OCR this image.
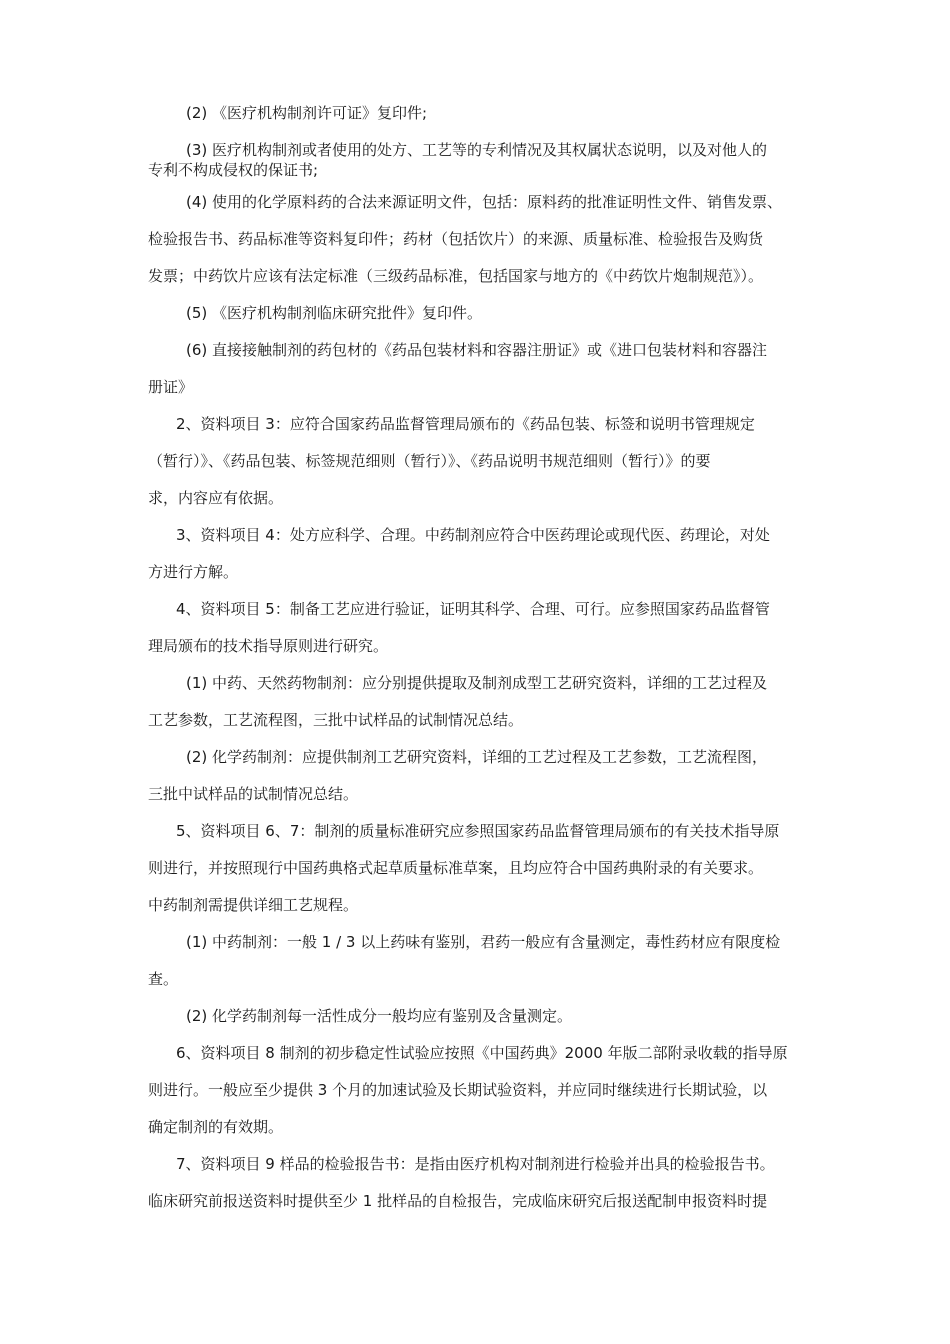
(2) 《医疗机构制剂许可证》复印件;
(3) 医疗机构制剂或者使用的处方、工艺等的专利情况及其权属状态说明，以及对他人的
专利不构成侵权的保证书;
(4) 使用的化学原料药的合法来源证明文件，包括：原料药的批准证明性文件、销售发票、
检验报告书、药品标准等资料复印件；药材（包括饮片）的来源、质量标准、检验报告及购货
发票；中药饮片应该有法定标准（三级药品标准，包括国家与地方的《中药饮片炮制规范》）。
(5) 《医疗机构制剂临床研究批件》复印件。
(6) 直接接触制剂的药包材的《药品包装材料和容器注册证》或《进口包装材料和容器注
册证》
2、资料项目 3：应符合国家药品监督管理局颁布的《药品包装、标签和说明书管理规定
（暂行）》、《药品包装、标签规范细则（暂行）》、《药品说明书规范细则（暂行）》的要
求，内容应有依据。
3、资料项目 4：处方应科学、合理。中药制剂应符合中医药理论或现代医、药理论，对处
方进行方解。
4、资料项目 5：制备工艺应进行验证，证明其科学、合理、可行。应参照国家药品监督管
理局颁布的技术指导原则进行研究。
(1) 中药、天然药物制剂：应分别提供提取及制剂成型工艺研究资料，详细的工艺过程及
工艺参数，工艺流程图，三批中试样品的试制情况总结。
(2) 化学药制剂：应提供制剂工艺研究资料，详细的工艺过程及工艺参数，工艺流程图，
三批中试样品的试制情况总结。
5、资料项目 6、7：制剂的质量标准研究应参照国家药品监督管理局颁布的有关技术指导原
则进行，并按照现行中国药典格式起草质量标准草案，且均应符合中国药典附录的有关要求。
中药制剂需提供详细工艺规程。
(1) 中药制剂：一般 1 / 3 以上药味有鉴别，君药一般应有含量测定，毒性药材应有限度检
查。
(2) 化学药制剂每一活性成分一般均应有鉴别及含量测定。
6、资料项目 8 制剂的初步稳定性试验应按照《中国药典》2000 年版二部附录收载的指导原
则进行。一般应至少提供 3 个月的加速试验及长期试验资料，并应同时继续进行长期试验，以
确定制剂的有效期。
7、资料项目 9 样品的检验报告书：是指由医疗机构对制剂进行检验并出具的检验报告书。
临床研究前报送资料时提供至少 1 批样品的自检报告，完成临床研究后报送配制申报资料时提
